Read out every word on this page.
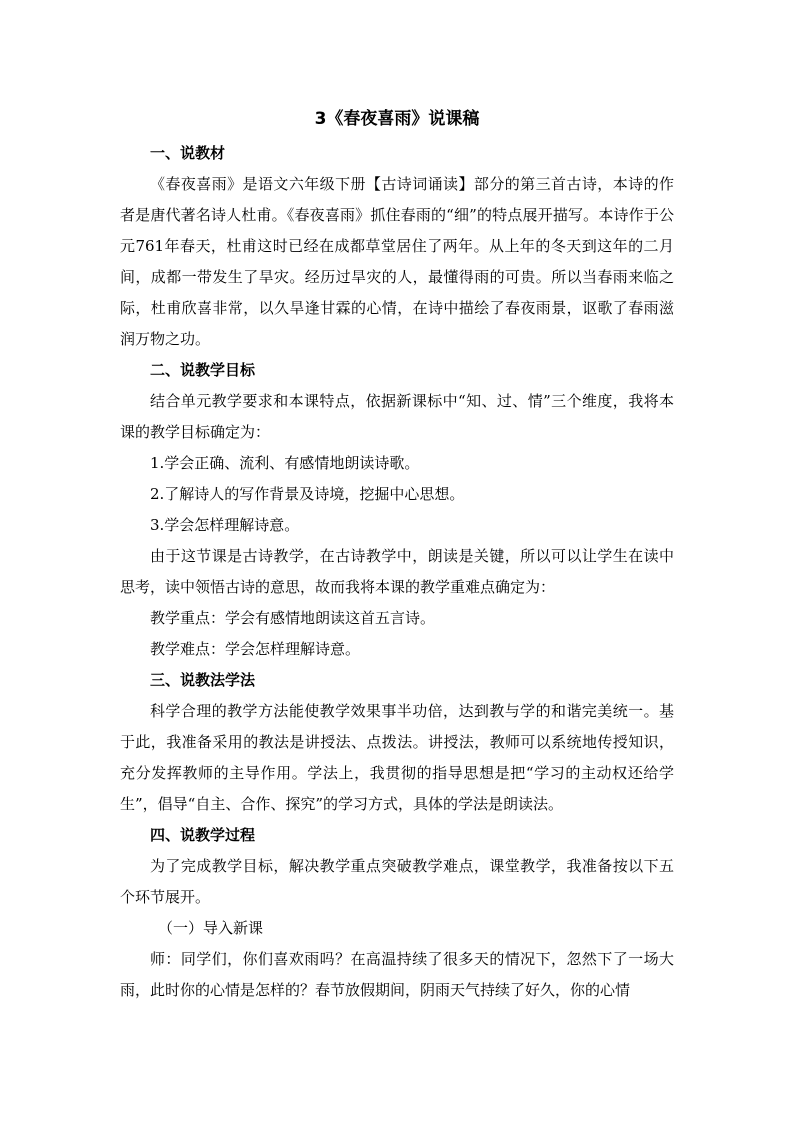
3《春夜喜雨》说课稿
一、说教材

《春夜喜雨》是语文六年级下册【古诗词诵读】部分的第三首古诗，本诗的作者是唐代著名诗人杜甫。《春夜喜雨》抓住春雨的“细”的特点展开描写。本诗作于公元761年春天，杜甫这时已经在成都草堂居住了两年。从上年的冬天到这年的二月间，成都一带发生了旱灾。经历过旱灾的人，最懂得雨的可贵。所以当春雨来临之际，杜甫欣喜非常，以久旱逢甘霖的心情，在诗中描绘了春夜雨景，讴歌了春雨滋润万物之功。

二、说教学目标

结合单元教学要求和本课特点，依据新课标中“知、过、情”三个维度，我将本课的教学目标确定为：

1.学会正确、流利、有感情地朗读诗歌。

2.了解诗人的写作背景及诗境，挖掘中心思想。

3.学会怎样理解诗意。

由于这节课是古诗教学，在古诗教学中，朗读是关键，所以可以让学生在读中思考，读中领悟古诗的意思，故而我将本课的教学重难点确定为：

教学重点：学会有感情地朗读这首五言诗。

教学难点：学会怎样理解诗意。

三、说教法学法

科学合理的教学方法能使教学效果事半功倍，达到教与学的和谐完美统一。基于此，我准备采用的教法是讲授法、点拨法。讲授法，教师可以系统地传授知识，充分发挥教师的主导作用。学法上，我贯彻的指导思想是把“学习的主动权还给学生”，倡导“自主、合作、探究”的学习方式，具体的学法是朗读法。

四、说教学过程

为了完成教学目标，解决教学重点突破教学难点，课堂教学，我准备按以下五个环节展开。

（一）导入新课

师：同学们，你们喜欢雨吗？在高温持续了很多天的情况下，忽然下了一场大雨，此时你的心情是怎样的？春节放假期间，阴雨天气持续了好久，你的心情
